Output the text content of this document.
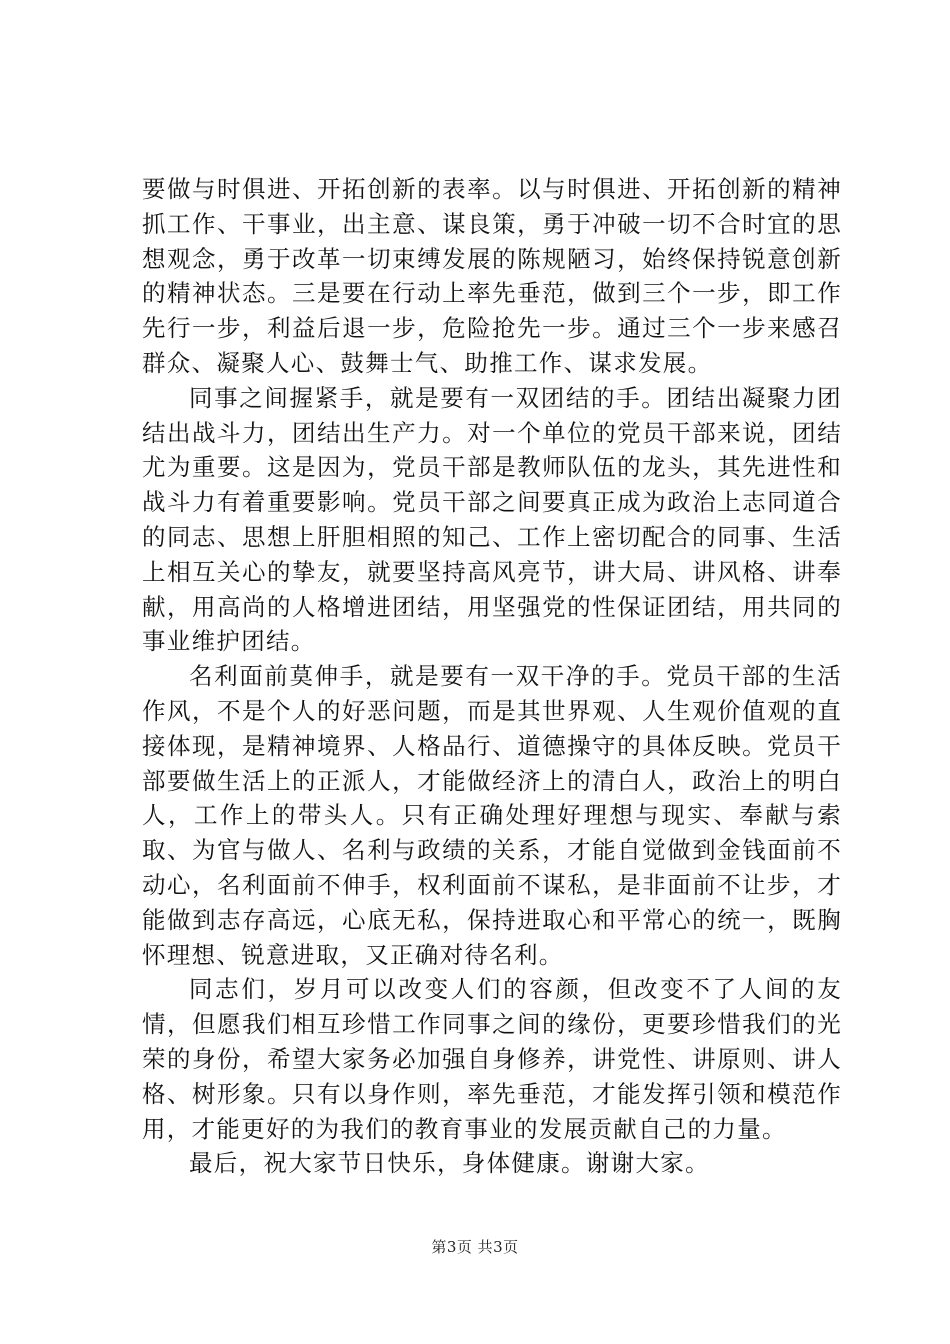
要做与时俱进、开拓创新的表率。以与时俱进、开拓创新的精神抓工作、干事业，出主意、谋良策，勇于冲破一切不合时宜的思想观念，勇于改革一切束缚发展的陈规陋习，始终保持锐意创新的精神状态。三是要在行动上率先垂范，做到三个一步，即工作先行一步，利益后退一步，危险抢先一步。通过三个一步来感召群众、凝聚人心、鼓舞士气、助推工作、谋求发展。

同事之间握紧手，就是要有一双团结的手。团结出凝聚力团结出战斗力，团结出生产力。对一个单位的党员干部来说，团结尤为重要。这是因为，党员干部是教师队伍的龙头，其先进性和战斗力有着重要影响。党员干部之间要真正成为政治上志同道合的同志、思想上肝胆相照的知己、工作上密切配合的同事、生活上相互关心的挚友，就要坚持高风亮节，讲大局、讲风格、讲奉献，用高尚的人格增进团结，用坚强党的性保证团结，用共同的事业维护团结。

名利面前莫伸手，就是要有一双干净的手。党员干部的生活作风，不是个人的好恶问题，而是其世界观、人生观价值观的直接体现，是精神境界、人格品行、道德操守的具体反映。党员干部要做生活上的正派人，才能做经济上的清白人，政治上的明白人，工作上的带头人。只有正确处理好理想与现实、奉献与索取、为官与做人、名利与政绩的关系，才能自觉做到金钱面前不动心，名利面前不伸手，权利面前不谋私，是非面前不让步，才能做到志存高远，心底无私，保持进取心和平常心的统一，既胸怀理想、锐意进取，又正确对待名利。

同志们，岁月可以改变人们的容颜，但改变不了人间的友情，但愿我们相互珍惜工作同事之间的缘份，更要珍惜我们的光荣的身份，希望大家务必加强自身修养，讲党性、讲原则、讲人格、树形象。只有以身作则，率先垂范，才能发挥引领和模范作用，才能更好的为我们的教育事业的发展贡献自己的力量。

最后，祝大家节日快乐，身体健康。谢谢大家。

第3页 共3页
